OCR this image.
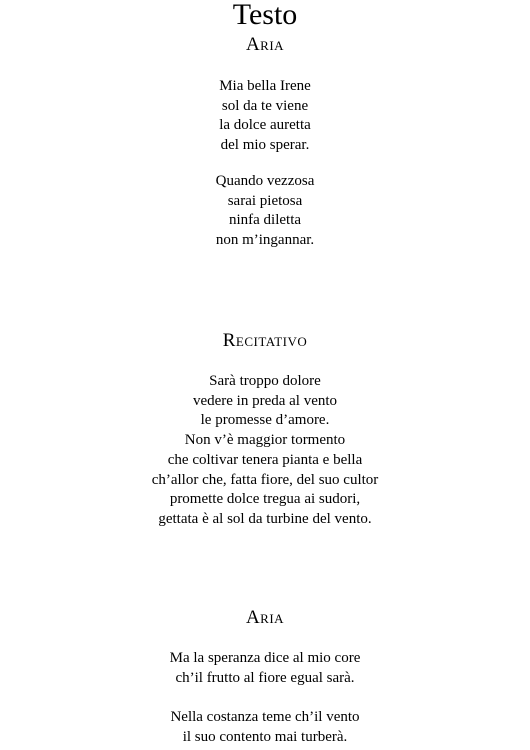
Testo
Aria
Mia bella Irene
sol da te viene
la dolce auretta
del mio sperar.
Quando vezzosa
sarai pietosa
ninfa diletta
non m’ingannar.
Recitativo
Sarà troppo dolore
vedere in preda al vento
le promesse d’amore.
Non v’è maggior tormento
che coltivar tenera pianta e bella
ch’allor che, fatta fiore, del suo cultor
promette dolce tregua ai sudori,
gettata è al sol da turbine del vento.
Aria
Ma la speranza dice al mio core
ch’il frutto al fiore egual sarà.
Nella costanza teme ch’il vento
il suo contento mai turberà.
